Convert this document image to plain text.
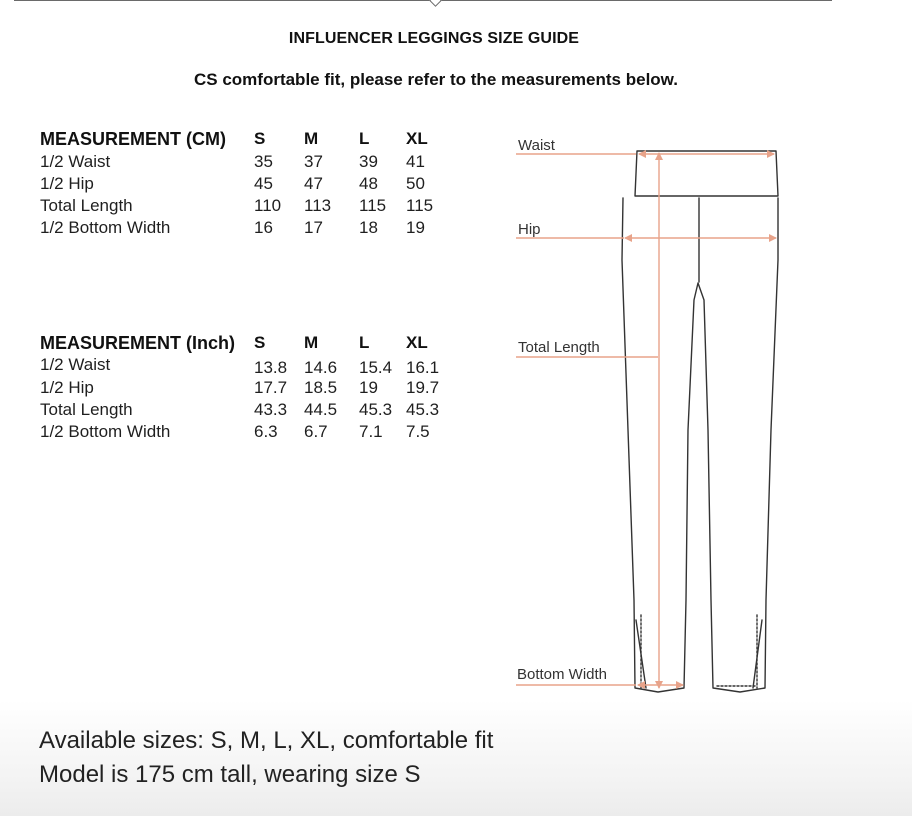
INFLUENCER LEGGINGS SIZE GUIDE
CS comfortable fit, please refer to the measurements below.
MEASUREMENT (CM) S M L XL
1/2 Waist	35 37 39 41
1/2 Hip	45 47 48 50
Total Length	110 113 115 115
1/2 Bottom Width	16 17 18 19
MEASUREMENT (Inch) S M L XL
1/2 Waist	13.8 14.6 15.4 16.1
1/2 Hip	17.7 18.5 19 19.7
Total Length	43.3 44.5 45.3 45.3
1/2 Bottom Width	6.3 6.7 7.1 7.5
Waist
Hip
Total Length
Bottom Width
Available sizes: S, M, L, XL, comfortable fit
Model is 175 cm tall, wearing size S
